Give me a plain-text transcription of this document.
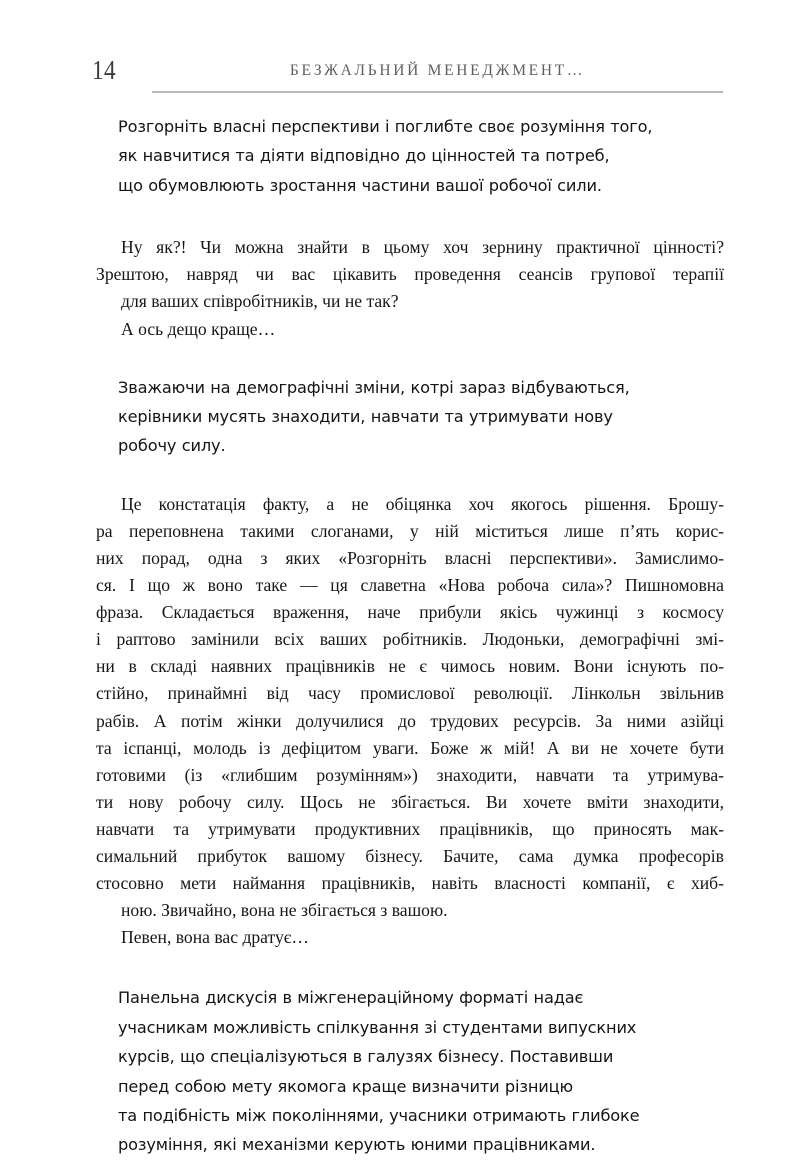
14	БЕЗЖАЛЬНИЙ МЕНЕДЖМЕНТ…
Розгорніть власні перспективи і поглибте своє розуміння того,
як навчитися та діяти відповідно до цінностей та потреб,
що обумовлюють зростання частини вашої робочої сили.
Ну як?! Чи можна знайти в цьому хоч зернину практичної цінності?
Зрештою, навряд чи вас цікавить проведення сеансів групової терапії
для ваших співробітників, чи не так?
А ось дещо краще…
Зважаючи на демографічні зміни, котрі зараз відбуваються,
керівники мусять знаходити, навчати та утримувати нову
робочу силу.
Це констатація факту, а не обіцянка хоч якогось рішення. Брошу-
ра переповнена такими слоганами, у ній міститься лише п’ять корис-
них порад, одна з яких «Розгорніть власні перспективи». Замислимо-
ся. І що ж воно таке — ця славетна «Нова робоча сила»? Пишномовна
фраза. Складається враження, наче прибули якісь чужинці з космосу
і раптово замінили всіх ваших робітників. Людоньки, демографічні змі-
ни в складі наявних працівників не є чимось новим. Вони існують по-
стійно, принаймні від часу промислової революції. Лінкольн звільнив
рабів. А потім жінки долучилися до трудових ресурсів. За ними азійці
та іспанці, молодь із дефіцитом уваги. Боже ж мій! А ви не хочете бути
готовими (із «глибшим розумінням») знаходити, навчати та утримува-
ти нову робочу силу. Щось не збігається. Ви хочете вміти знаходити,
навчати та утримувати продуктивних працівників, що приносять мак-
симальний прибуток вашому бізнесу. Бачите, сама думка професорів
стосовно мети наймання працівників, навіть власності компанії, є хиб-
ною. Звичайно, вона не збігається з вашою.
Певен, вона вас дратує…
Панельна дискусія в міжгенераційному форматі надає
учасникам можливість спілкування зі студентами випускних
курсів, що спеціалізуються в галузях бізнесу. Поставивши
перед собою мету якомога краще визначити різницю
та подібність між поколіннями, учасники отримають глибоке
розуміння, які механізми керують юними працівниками.
